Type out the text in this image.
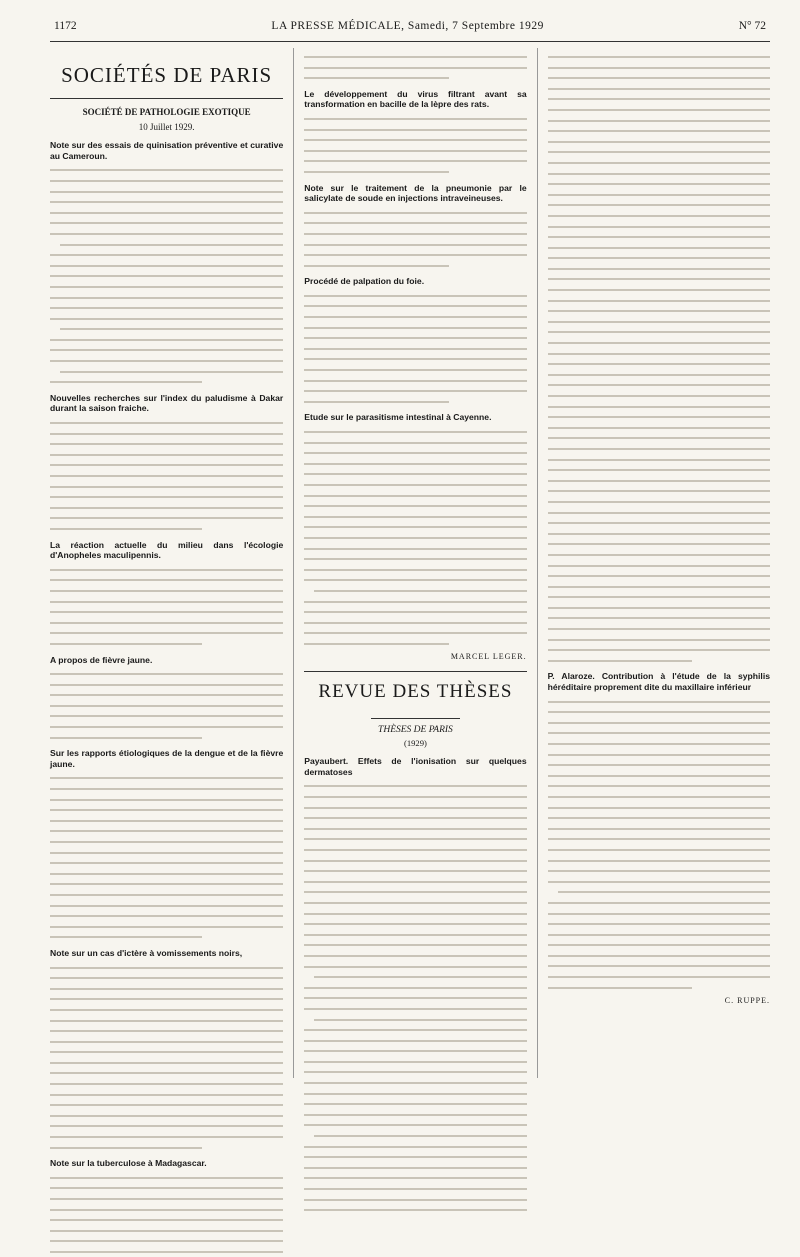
1172	LA PRESSE MÉDICALE, Samedi, 7 Septembre 1929	N° 72
SOCIÉTÉS DE PARIS
SOCIÉTÉ DE PATHOLOGIE EXOTIQUE
10 Juillet 1929.
Note sur des essais de quinisation préventive et curative au Cameroun.
Nouvelles recherches sur l'index du paludisme à Dakar durant la saison fraiche.
La réaction actuelle du milieu dans l'écologie d'Anopheles maculipennis.
A propos de fièvre jaune.
Sur les rapports étiologiques de la dengue et de la fièvre jaune.
Note sur un cas d'ictère à vomissements noirs,
Note sur la tuberculose à Madagascar.
Le développement du virus filtrant avant sa transformation en bacille de la lèpre des rats.
Note sur le traitement de la pneumonie par le salicylate de soude en injections intraveineuses.
Procédé de palpation du foie.
Etude sur le parasitisme intestinal à Cayenne.
MARCEL LEGER.
REVUE DES THÈSES
THÈSES DE PARIS
(1929)
Payaubert. Effets de l'ionisation sur quelques dermatoses
P. Alaroze. Contribution à l'étude de la syphilis héréditaire proprement dite du maxillaire inférieur
C. RUPPE.
